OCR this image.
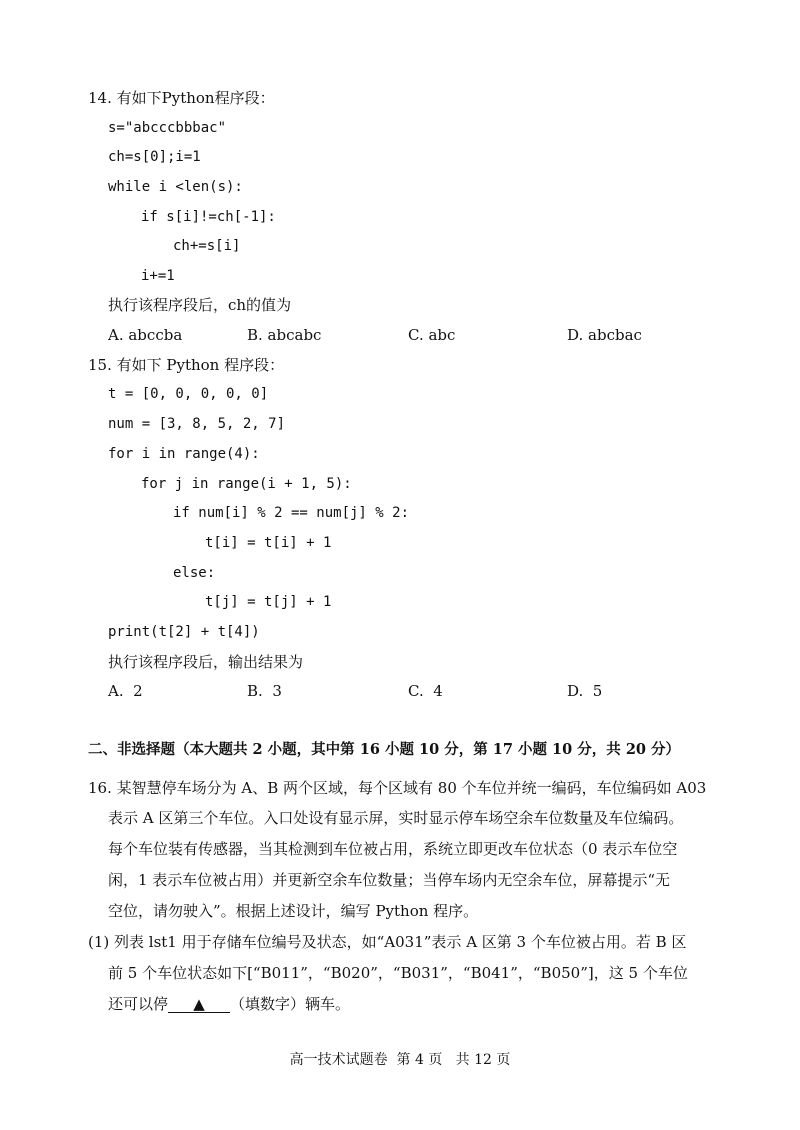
14. 有如下Python程序段：
s="abcccbbbac"
ch=s[0];i=1
while i <len(s):
if s[i]!=ch[-1]:
ch+=s[i]
i+=1
执行该程序段后，ch的值为
A. abccba	B. abcabc	C. abc	D. abcbac
15. 有如下 Python 程序段：
t = [0, 0, 0, 0, 0]
num = [3, 8, 5, 2, 7]
for i in range(4):
for j in range(i + 1, 5):
if num[i] % 2 == num[j] % 2:
t[i] = t[i] + 1
else:
t[j] = t[j] + 1
print(t[2] + t[4])
执行该程序段后，输出结果为
A.  2	B.  3	C.  4	D.  5
二、非选择题（本大题共 2 小题，其中第 16 小题 10 分，第 17 小题 10 分，共 20 分）
16. 某智慧停车场分为 A、B 两个区域，每个区域有 80 个车位并统一编码，车位编码如 A03
表示 A 区第三个车位。入口处设有显示屏，实时显示停车场空余车位数量及车位编码。
每个车位装有传感器，当其检测到车位被占用，系统立即更改车位状态（0 表示车位空
闲，1 表示车位被占用）并更新空余车位数量；当停车场内无空余车位，屏幕提示“无
空位，请勿驶入”。根据上述设计，编写 Python 程序。
(1) 列表 lst1 用于存储车位编号及状态，如“A031”表示 A 区第 3 个车位被占用。若 B 区
前 5 个车位状态如下[“B011”，“B020”，“B031”，“B041”，“B050”]，这 5 个车位
还可以停 ▲ （填数字）辆车。
高一技术试题卷  第 4 页   共 12 页
